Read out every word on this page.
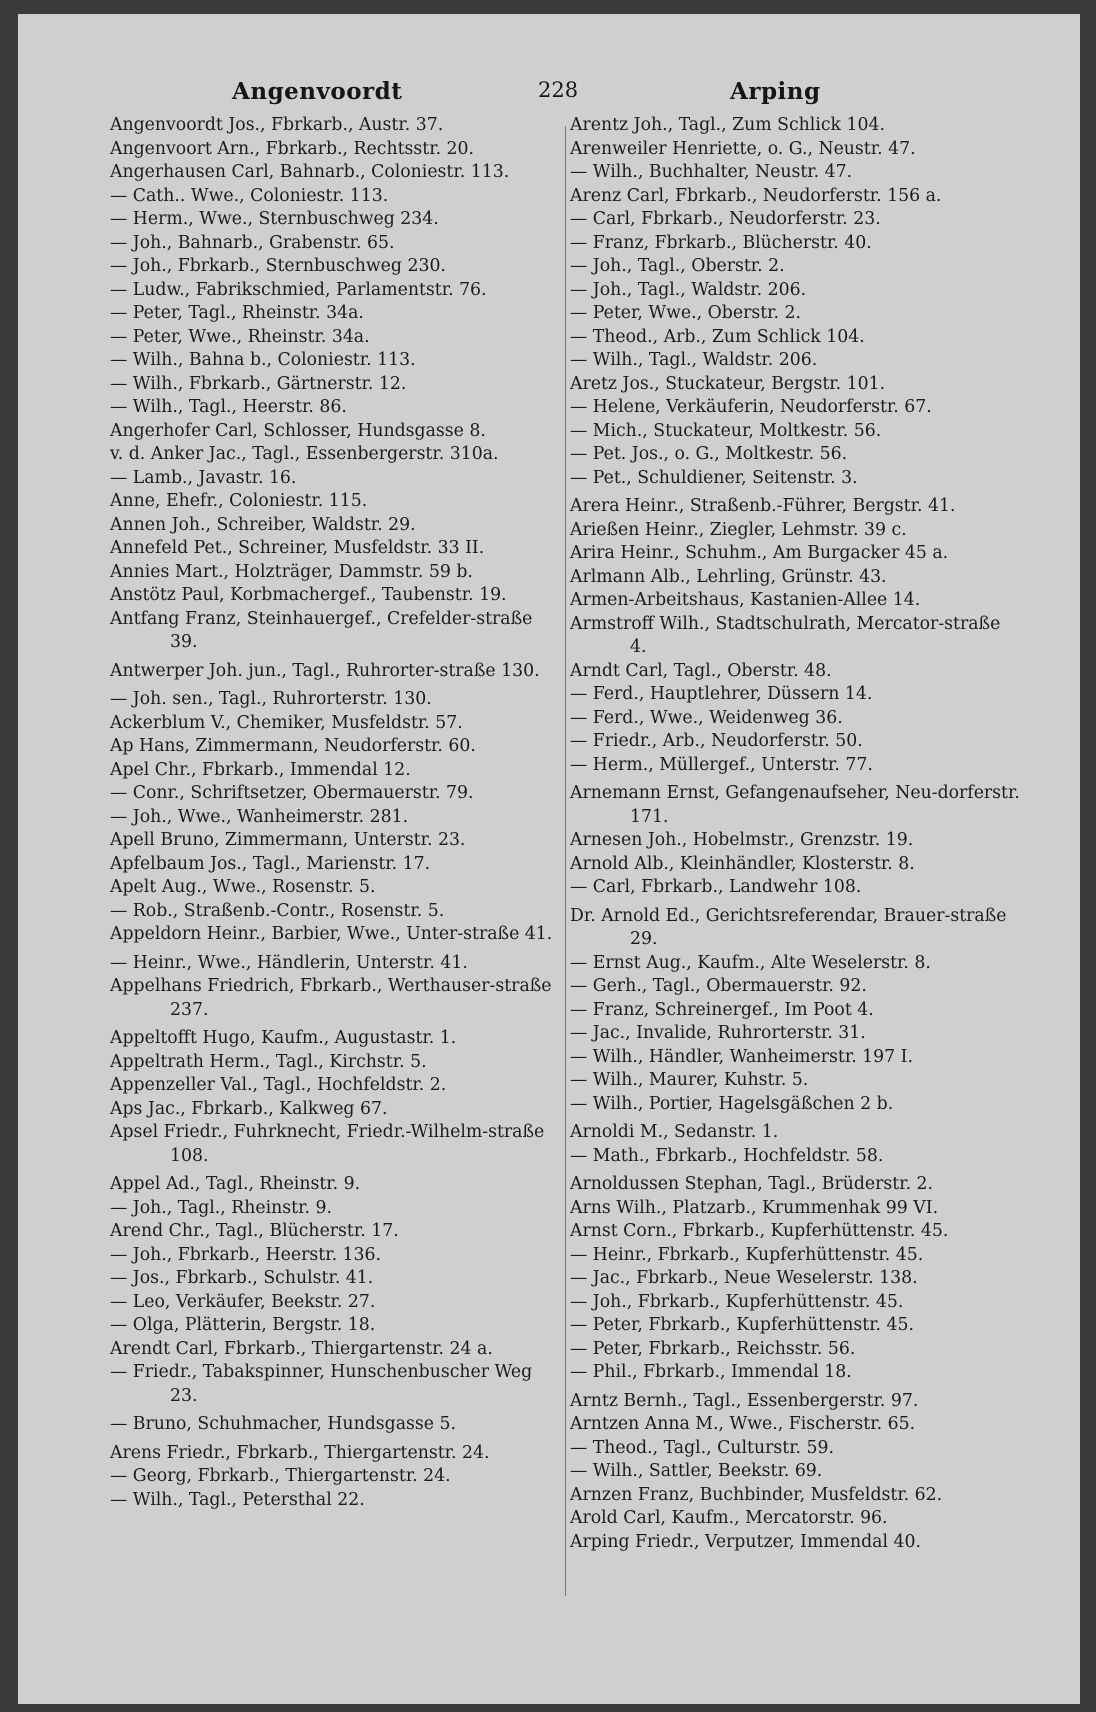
Angenvoordt	228	Arping
Angenvoordt Jos., Fbrkarb., Austr. 37.
Angenvoort Arn., Fbrkarb., Rechtsstr. 20.
Angerhausen Carl, Bahnarb., Coloniestr. 113.
— Cath.. Wwe., Coloniestr. 113.
— Herm., Wwe., Sternbuschweg 234.
— Joh., Bahnarb., Grabenstr. 65.
— Joh., Fbrkarb., Sternbuschweg 230.
— Ludw., Fabrikschmied, Parlamentstr. 76.
— Peter, Tagl., Rheinstr. 34a.
— Peter, Wwe., Rheinstr. 34a.
— Wilh., Bahna b., Coloniestr. 113.
— Wilh., Fbrkarb., Gärtnerstr. 12.
— Wilh., Tagl., Heerstr. 86.
Angerhofer Carl, Schlosser, Hundsgasse 8.
v. d. Anker Jac., Tagl., Essenbergerstr. 310a.
— Lamb., Javastr. 16.
Anne, Ehefr., Coloniestr. 115.
Annen Joh., Schreiber, Waldstr. 29.
Annefeld Pet., Schreiner, Musfeldstr. 33 II.
Annies Mart., Holzträger, Dammstr. 59 b.
Anstötz Paul, Korbmachergef., Taubenstr. 19.
Antfang Franz, Steinhauergef., Crefelder-straße 39.
Antwerper Joh. jun., Tagl., Ruhrorter-straße 130.
— Joh. sen., Tagl., Ruhrorterstr. 130.
Ackerblum V., Chemiker, Musfeldstr. 57.
Ap Hans, Zimmermann, Neudorferstr. 60.
Apel Chr., Fbrkarb., Immendal 12.
— Conr., Schriftsetzer, Obermauerstr. 79.
— Joh., Wwe., Wanheimerstr. 281.
Apell Bruno, Zimmermann, Unterstr. 23.
Apfelbaum Jos., Tagl., Marienstr. 17.
Apelt Aug., Wwe., Rosenstr. 5.
— Rob., Straßenb.-Contr., Rosenstr. 5.
Appeldorn Heinr., Barbier, Wwe., Unter-straße 41.
— Heinr., Wwe., Händlerin, Unterstr. 41.
Appelhans Friedrich, Fbrkarb., Werthauser-straße 237.
Appeltofft Hugo, Kaufm., Augustastr. 1.
Appeltrath Herm., Tagl., Kirchstr. 5.
Appenzeller Val., Tagl., Hochfeldstr. 2.
Aps Jac., Fbrkarb., Kalkweg 67.
Apsel Friedr., Fuhrknecht, Friedr.-Wilhelm-straße 108.
Appel Ad., Tagl., Rheinstr. 9.
— Joh., Tagl., Rheinstr. 9.
Arend Chr., Tagl., Blücherstr. 17.
— Joh., Fbrkarb., Heerstr. 136.
— Jos., Fbrkarb., Schulstr. 41.
— Leo, Verkäufer, Beekstr. 27.
— Olga, Plätterin, Bergstr. 18.
Arendt Carl, Fbrkarb., Thiergartenstr. 24 a.
— Friedr., Tabakspinner, Hunschenbuscher Weg 23.
— Bruno, Schuhmacher, Hundsgasse 5.
Arens Friedr., Fbrkarb., Thiergartenstr. 24.
— Georg, Fbrkarb., Thiergartenstr. 24.
— Wilh., Tagl., Petersthal 22.
Arentz Joh., Tagl., Zum Schlick 104.
Arenweiler Henriette, o. G., Neustr. 47.
— Wilh., Buchhalter, Neustr. 47.
Arenz Carl, Fbrkarb., Neudorferstr. 156 a.
— Carl, Fbrkarb., Neudorferstr. 23.
— Franz, Fbrkarb., Blücherstr. 40.
— Joh., Tagl., Oberstr. 2.
— Joh., Tagl., Waldstr. 206.
— Peter, Wwe., Oberstr. 2.
— Theod., Arb., Zum Schlick 104.
— Wilh., Tagl., Waldstr. 206.
Aretz Jos., Stuckateur, Bergstr. 101.
— Helene, Verkäuferin, Neudorferstr. 67.
— Mich., Stuckateur, Moltkestr. 56.
— Pet. Jos., o. G., Moltkestr. 56.
— Pet., Schuldiener, Seitenstr. 3.
Arera Heinr., Straßenb.-Führer, Bergstr. 41.
Arießen Heinr., Ziegler, Lehmstr. 39 c.
Arira Heinr., Schuhm., Am Burgacker 45 a.
Arlmann Alb., Lehrling, Grünstr. 43.
Armen-Arbeitshaus, Kastanien-Allee 14.
Armstroff Wilh., Stadtschulrath, Mercator-straße 4.
Arndt Carl, Tagl., Oberstr. 48.
— Ferd., Hauptlehrer, Düssern 14.
— Ferd., Wwe., Weidenweg 36.
— Friedr., Arb., Neudorferstr. 50.
— Herm., Müllergef., Unterstr. 77.
Arnemann Ernst, Gefangenaufseher, Neu-dorferstr. 171.
Arnesen Joh., Hobelmstr., Grenzstr. 19.
Arnold Alb., Kleinhändler, Klosterstr. 8.
— Carl, Fbrkarb., Landwehr 108.
Dr. Arnold Ed., Gerichtsreferendar, Brauer-straße 29.
— Ernst Aug., Kaufm., Alte Weselerstr. 8.
— Gerh., Tagl., Obermauerstr. 92.
— Franz, Schreinergef., Im Poot 4.
— Jac., Invalide, Ruhrorterstr. 31.
— Wilh., Händler, Wanheimerstr. 197 I.
— Wilh., Maurer, Kuhstr. 5.
— Wilh., Portier, Hagelsgäßchen 2 b.
Arnoldi M., Sedanstr. 1.
— Math., Fbrkarb., Hochfeldstr. 58.
Arnoldussen Stephan, Tagl., Brüderstr. 2.
Arns Wilh., Platzarb., Krummenhak 99 VI.
Arnst Corn., Fbrkarb., Kupferhüttenstr. 45.
— Heinr., Fbrkarb., Kupferhüttenstr. 45.
— Jac., Fbrkarb., Neue Weselerstr. 138.
— Joh., Fbrkarb., Kupferhüttenstr. 45.
— Peter, Fbrkarb., Kupferhüttenstr. 45.
— Peter, Fbrkarb., Reichsstr. 56.
— Phil., Fbrkarb., Immendal 18.
Arntz Bernh., Tagl., Essenbergerstr. 97.
Arntzen Anna M., Wwe., Fischerstr. 65.
— Theod., Tagl., Culturstr. 59.
— Wilh., Sattler, Beekstr. 69.
Arnzen Franz, Buchbinder, Musfeldstr. 62.
Arold Carl, Kaufm., Mercatorstr. 96.
Arping Friedr., Verputzer, Immendal 40.
